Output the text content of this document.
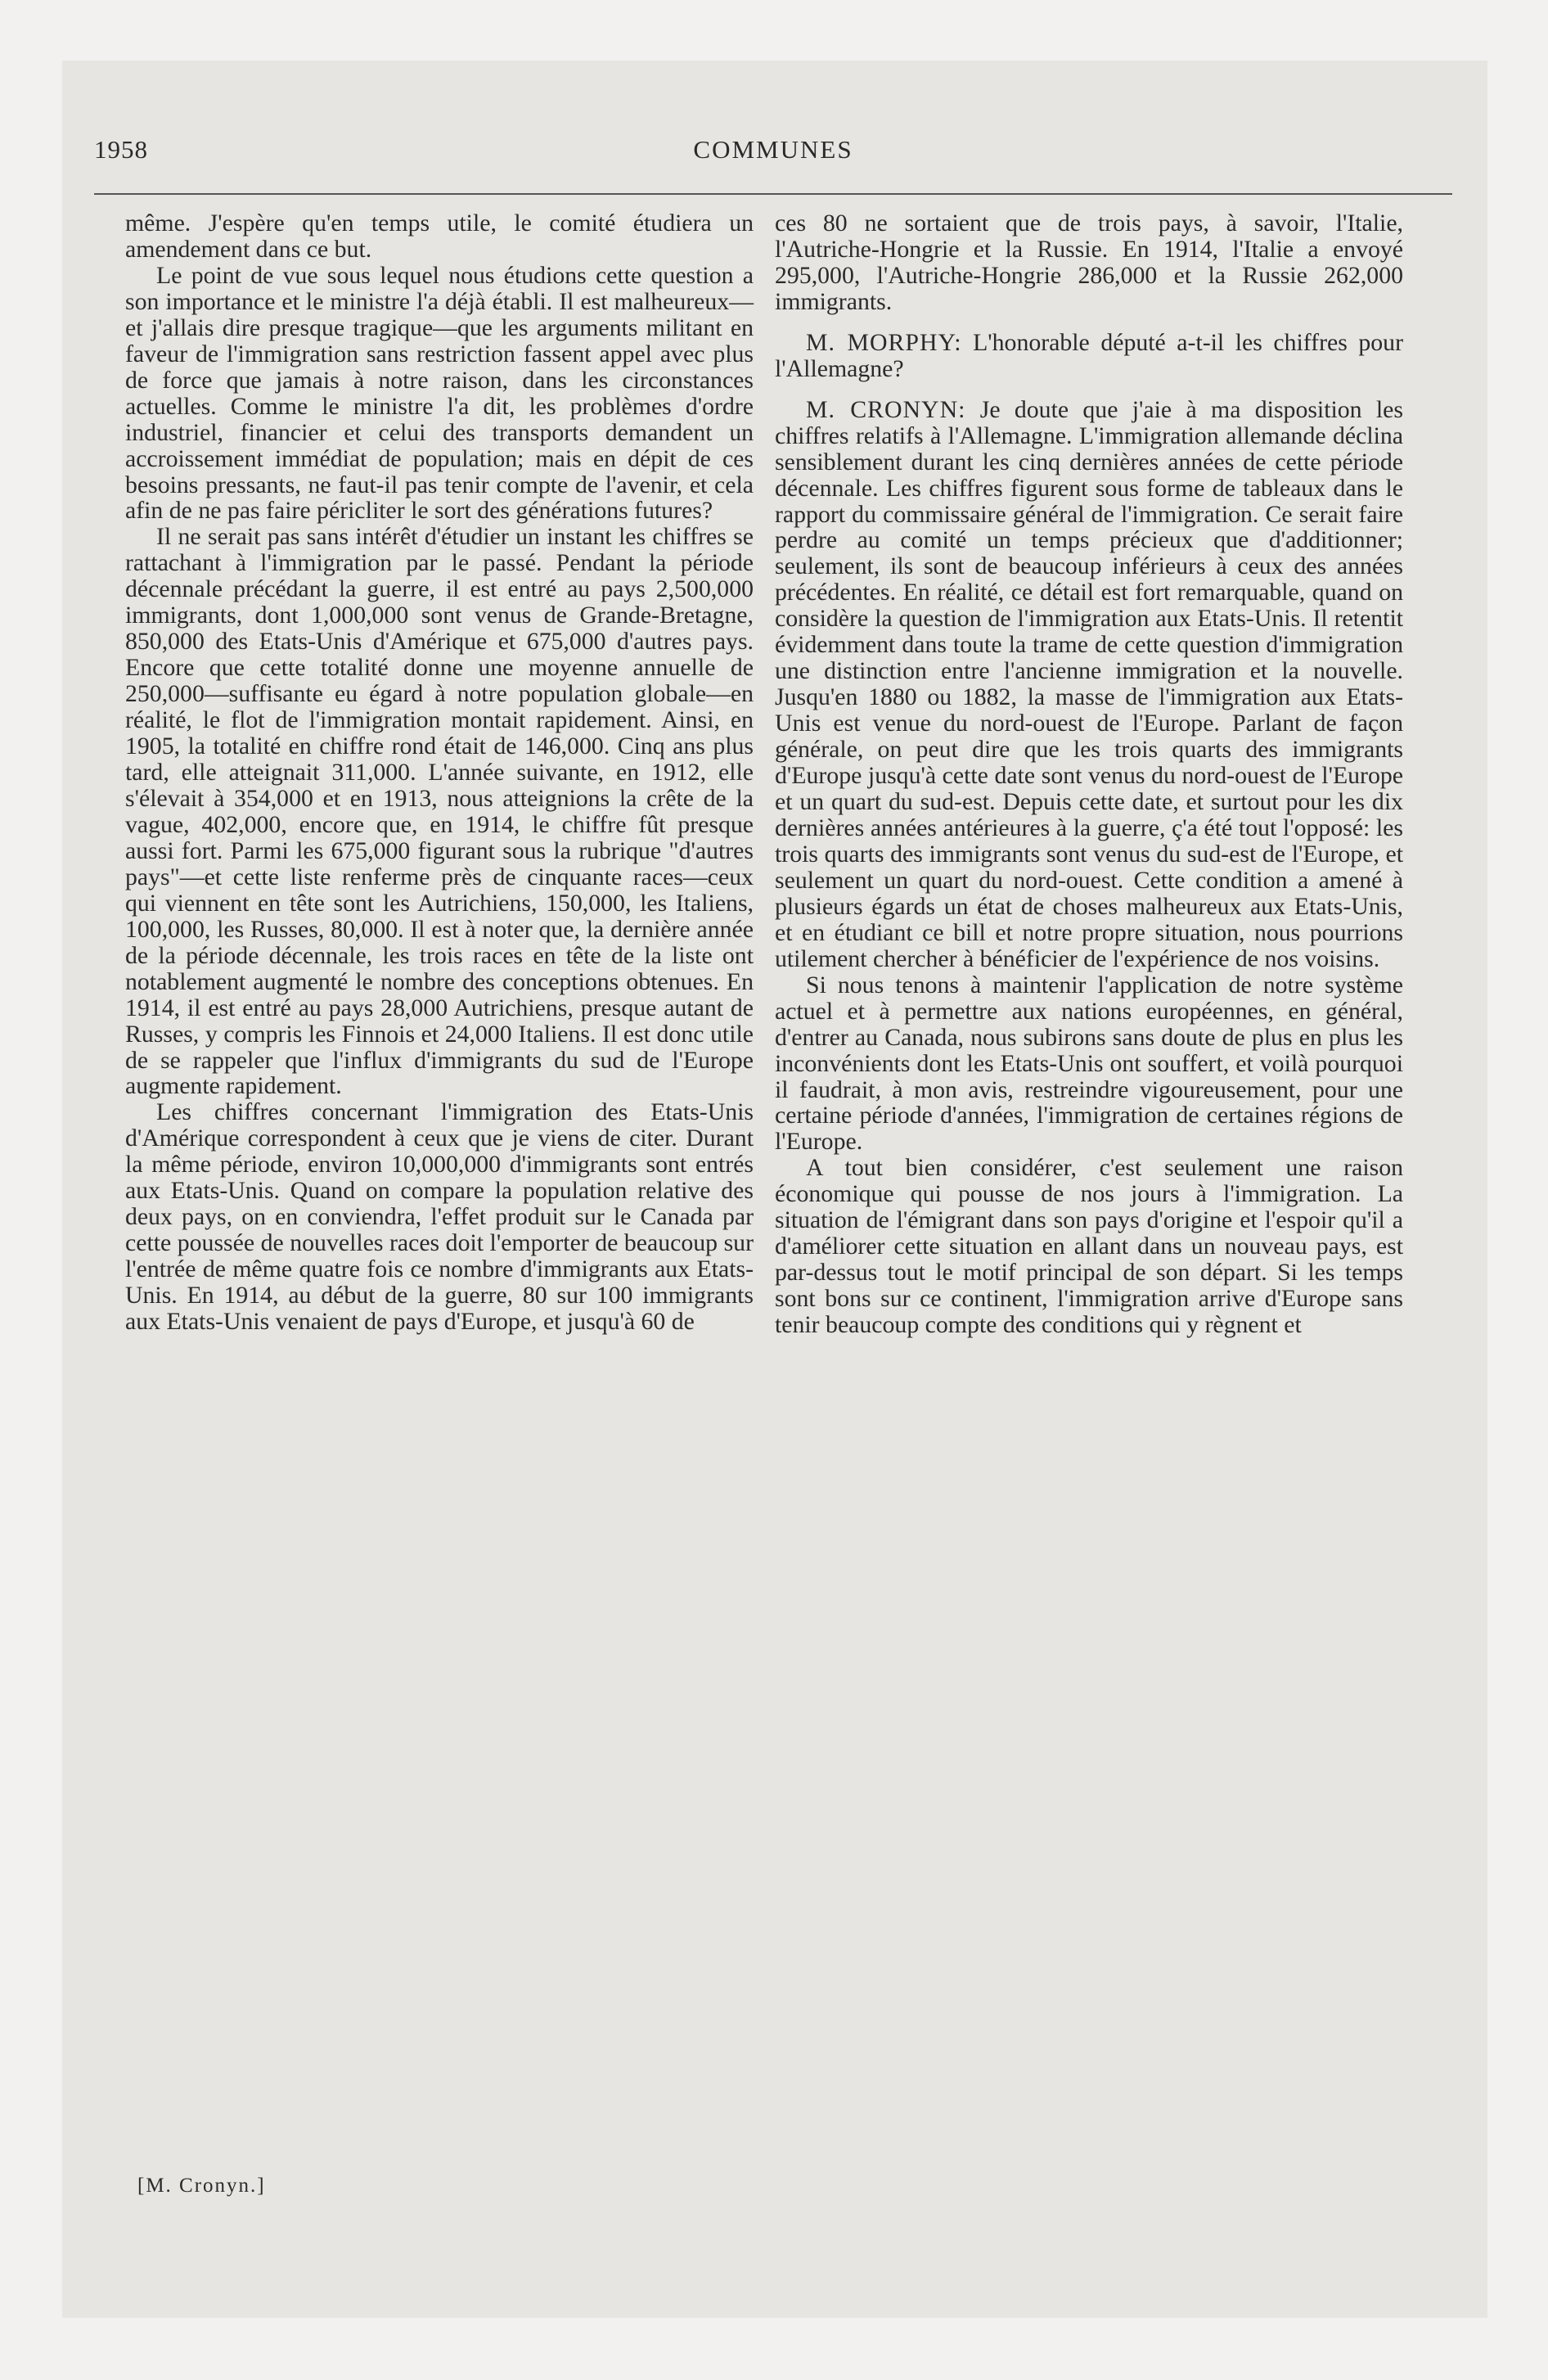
1958	COMMUNES

même. J'espère qu'en temps utile, le comité étudiera un amendement dans ce but.

Le point de vue sous lequel nous étudions cette question a son importance et le ministre l'a déjà établi. Il est malheureux— et j'allais dire presque tragique—que les arguments militant en faveur de l'immigration sans restriction fassent appel avec plus de force que jamais à notre raison, dans les circonstances actuelles. Comme le ministre l'a dit, les problèmes d'ordre industriel, financier et celui des transports demandent un accroissement immédiat de population; mais en dépit de ces besoins pressants, ne faut-il pas tenir compte de l'avenir, et cela afin de ne pas faire péricliter le sort des générations futures?

Il ne serait pas sans intérêt d'étudier un instant les chiffres se rattachant à l'immigration par le passé. Pendant la période décennale précédant la guerre, il est entré au pays 2,500,000 immigrants, dont 1,000,000 sont venus de Grande-Bretagne, 850,000 des Etats-Unis d'Amérique et 675,000 d'autres pays. Encore que cette totalité donne une moyenne annuelle de 250,000—suffisante eu égard à notre population globale—en réalité, le flot de l'immigration montait rapidement. Ainsi, en 1905, la totalité en chiffre rond était de 146,000. Cinq ans plus tard, elle atteignait 311,000. L'année suivante, en 1912, elle s'élevait à 354,000 et en 1913, nous atteignions la crête de la vague, 402,000, encore que, en 1914, le chiffre fût presque aussi fort. Parmi les 675,000 figurant sous la rubrique "d'autres pays"—et cette liste renferme près de cinquante races—ceux qui viennent en tête sont les Autrichiens, 150,000, les Italiens, 100,000, les Russes, 80,000. Il est à noter que, la dernière année de la période décennale, les trois races en tête de la liste ont notablement augmenté le nombre des conceptions obtenues. En 1914, il est entré au pays 28,000 Autrichiens, presque autant de Russes, y compris les Finnois et 24,000 Italiens. Il est donc utile de se rappeler que l'influx d'immigrants du sud de l'Europe augmente rapidement.

Les chiffres concernant l'immigration des Etats-Unis d'Amérique correspondent à ceux que je viens de citer. Durant la même période, environ 10,000,000 d'immigrants sont entrés aux Etats-Unis. Quand on compare la population relative des deux pays, on en conviendra, l'effet produit sur le Canada par cette poussée de nouvelles races doit l'emporter de beaucoup sur l'entrée de même quatre fois ce nombre d'immigrants aux Etats-Unis. En 1914, au début de la guerre, 80 sur 100 immigrants aux Etats-Unis venaient de pays d'Europe, et jusqu'à 60 de

ces 80 ne sortaient que de trois pays, à savoir, l'Italie, l'Autriche-Hongrie et la Russie. En 1914, l'Italie a envoyé 295,000, l'Autriche-Hongrie 286,000 et la Russie 262,000 immigrants.

M. MORPHY: L'honorable député a-t-il les chiffres pour l'Allemagne?

M. CRONYN: Je doute que j'aie à ma disposition les chiffres relatifs à l'Allemagne. L'immigration allemande déclina sensiblement durant les cinq dernières années de cette période décennale. Les chiffres figurent sous forme de tableaux dans le rapport du commissaire général de l'immigration. Ce serait faire perdre au comité un temps précieux que d'additionner; seulement, ils sont de beaucoup inférieurs à ceux des années précédentes. En réalité, ce détail est fort remarquable, quand on considère la question de l'immigration aux Etats-Unis. Il retentit évidemment dans toute la trame de cette question d'immigration une distinction entre l'ancienne immigration et la nouvelle. Jusqu'en 1880 ou 1882, la masse de l'immigration aux Etats-Unis est venue du nord-ouest de l'Europe. Parlant de façon générale, on peut dire que les trois quarts des immigrants d'Europe jusqu'à cette date sont venus du nord-ouest de l'Europe et un quart du sud-est. Depuis cette date, et surtout pour les dix dernières années antérieures à la guerre, ç'a été tout l'opposé: les trois quarts des immigrants sont venus du sud-est de l'Europe, et seulement un quart du nord-ouest. Cette condition a amené à plusieurs égards un état de choses malheureux aux Etats-Unis, et en étudiant ce bill et notre propre situation, nous pourrions utilement chercher à bénéficier de l'expérience de nos voisins.

Si nous tenons à maintenir l'application de notre système actuel et à permettre aux nations européennes, en général, d'entrer au Canada, nous subirons sans doute de plus en plus les inconvénients dont les Etats-Unis ont souffert, et voilà pourquoi il faudrait, à mon avis, restreindre vigoureusement, pour une certaine période d'années, l'immigration de certaines régions de l'Europe.

A tout bien considérer, c'est seulement une raison économique qui pousse de nos jours à l'immigration. La situation de l'émigrant dans son pays d'origine et l'espoir qu'il a d'améliorer cette situation en allant dans un nouveau pays, est par-dessus tout le motif principal de son départ. Si les temps sont bons sur ce continent, l'immigration arrive d'Europe sans tenir beaucoup compte des conditions qui y règnent et

[M. Cronyn.]
